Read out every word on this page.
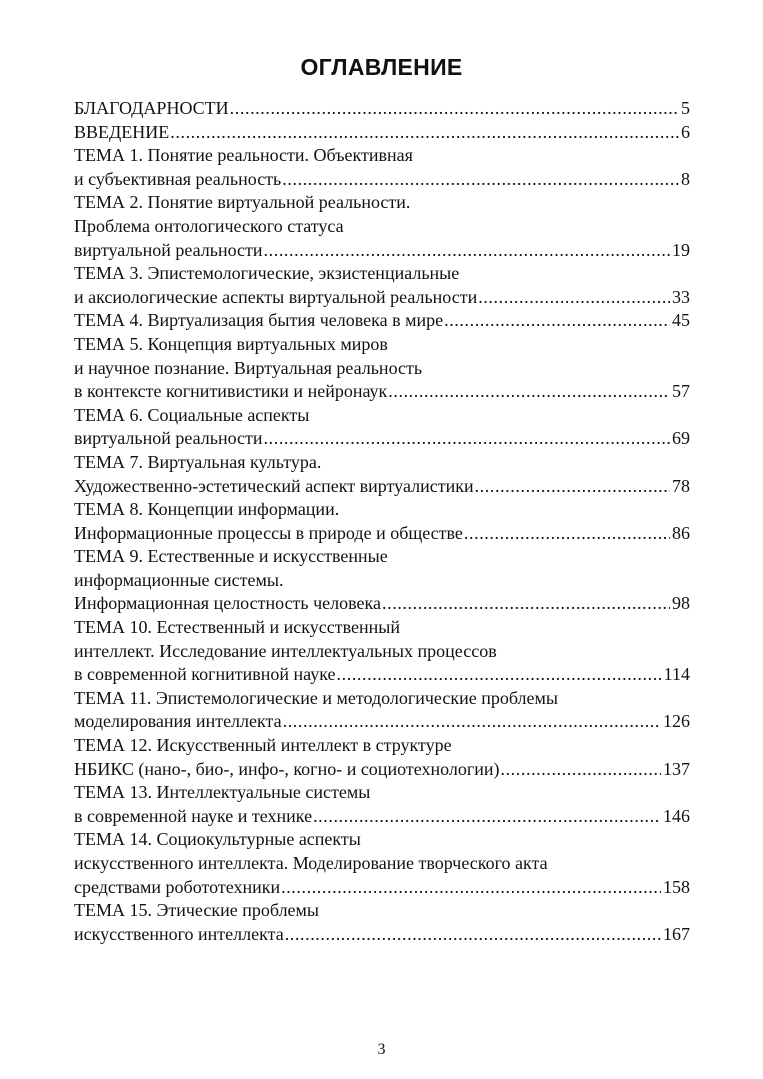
ОГЛАВЛЕНИЕ
БЛАГОДАРНОСТИ .....	5
ВВЕДЕНИЕ .....	6
ТЕМА 1. Понятие реальности. Объективная
и субъективная реальность .....	8
ТЕМА 2. Понятие виртуальной реальности.
Проблема онтологического статуса
виртуальной реальности .....	19
ТЕМА 3. Эпистемологические, экзистенциальные
и аксиологические аспекты виртуальной реальности .....	33
ТЕМА 4. Виртуализация бытия человека в мире .....	45
ТЕМА 5. Концепция виртуальных миров
и научное познание. Виртуальная реальность
в контексте когнитивистики и нейронаук .....	57
ТЕМА 6. Социальные аспекты
виртуальной реальности .....	69
ТЕМА 7. Виртуальная культура.
Художественно-эстетический аспект виртуалистики .....	78
ТЕМА 8. Концепции информации.
Информационные процессы в природе и обществе .....	86
ТЕМА 9. Естественные и искусственные
информационные системы.
Информационная целостность человека .....	98
ТЕМА 10. Естественный и искусственный
интеллект. Исследование интеллектуальных процессов
в современной когнитивной науке .....	114
ТЕМА 11. Эпистемологические и методологические проблемы
моделирования интеллекта .....	126
ТЕМА 12. Искусственный интеллект в структуре
НБИКС (нано-, био-, инфо-, когно- и социотехнологии) .....	137
ТЕМА 13. Интеллектуальные системы
в современной науке и технике .....	146
ТЕМА 14. Социокультурные аспекты
искусственного интеллекта. Моделирование творческого акта
средствами робототехники .....	158
ТЕМА 15. Этические проблемы
искусственного интеллекта .....	167
3
